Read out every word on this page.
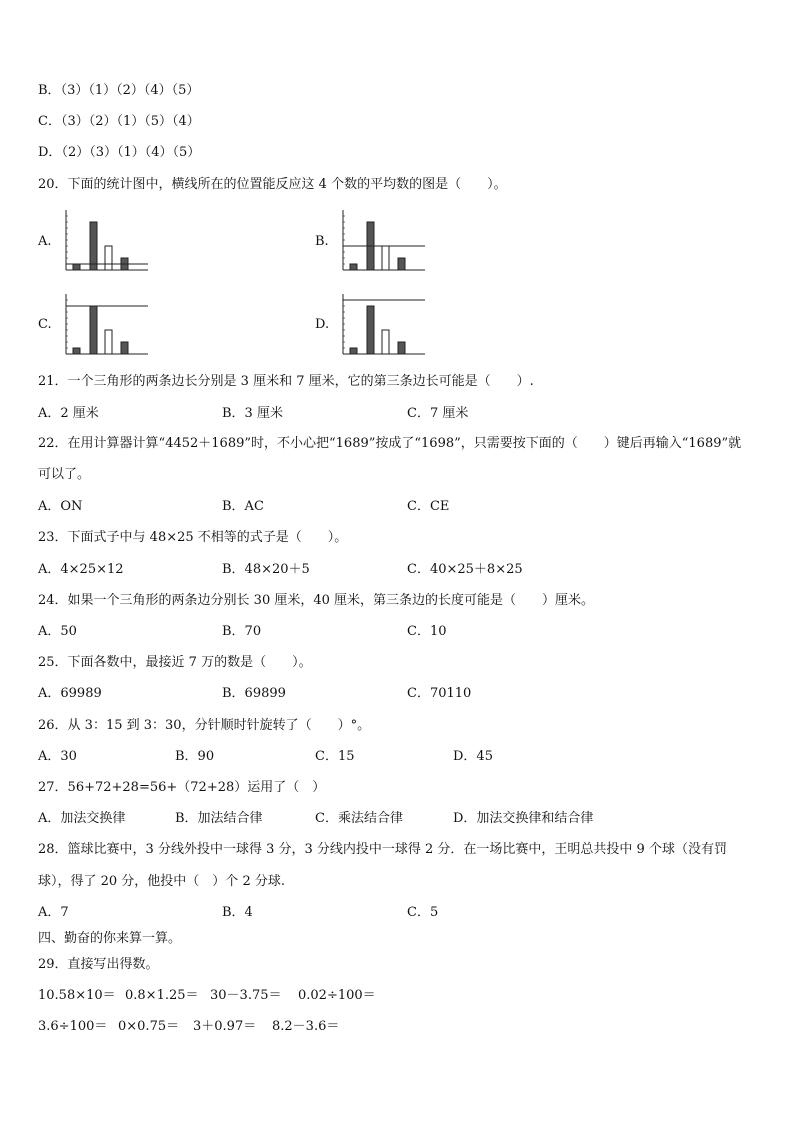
B．（3）（1）（2）（4）（5）
C．（3）（2）（1）（5）（4）
D．（2）（3）（1）（4）（5）
20．下面的统计图中，横线所在的位置能反应这 4 个数的平均数的图是（　　）。
A.	B.
C.	D.
21．一个三角形的两条边长分别是 3 厘米和 7 厘米，它的第三条边长可能是（　　）.
A．2 厘米	B．3 厘米	C．7 厘米
22．在用计算器计算“4452＋1689”时，不小心把“1689”按成了“1698”，只需要按下面的（　　）键后再输入“1689”就
可以了。
A．ON	B．AC	C．CE
23．下面式子中与 48×25 不相等的式子是（　　）。
A．4×25×12	B．48×20＋5	C．40×25＋8×25
24．如果一个三角形的两条边分别长 30 厘米，40 厘米，第三条边的长度可能是（　　）厘米。
A．50	B．70	C．10
25．下面各数中，最接近 7 万的数是（　　）。
A．69989	B．69899	C．70110
26．从 3：15 到 3：30，分针顺时针旋转了（　　）°。
A．30	B．90	C．15	D．45
27．56+72+28=56+（72+28）运用了（　）
A．加法交换律	B．加法结合律	C．乘法结合律	D．加法交换律和结合律
28．篮球比赛中，3 分线外投中一球得 3 分，3 分线内投中一球得 2 分．在一场比赛中，王明总共投中 9 个球（没有罚
球），得了 20 分，他投中（　）个 2 分球.
A．7	B．4	C．5
四、勤奋的你来算一算。
29．直接写出得数。
10.58×10＝ 0.8×1.25＝ 30－3.75＝ 0.02÷100＝
3.6÷100＝ 0×0.75＝ 3＋0.97＝ 8.2－3.6＝
